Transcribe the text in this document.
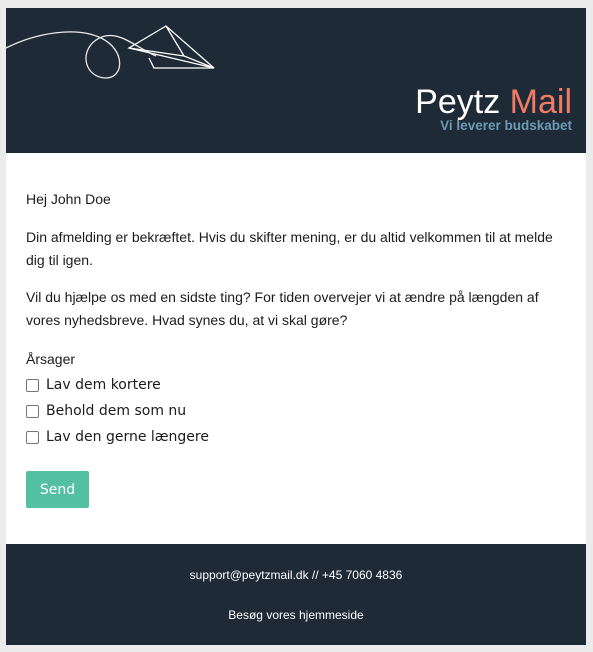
Peytz Mail
Vi leverer budskabet
Hej John Doe
Din afmelding er bekræftet. Hvis du skifter mening, er du altid velkommen til at melde dig til igen.
Vil du hjælpe os med en sidste ting? For tiden overvejer vi at ændre på længden af vores nyhedsbreve. Hvad synes du, at vi skal gøre?
Årsager
Lav dem kortere
Behold dem som nu
Lav den gerne længere
Send
support@peytzmail.dk // +45 7060 4836
Besøg vores hjemmeside
